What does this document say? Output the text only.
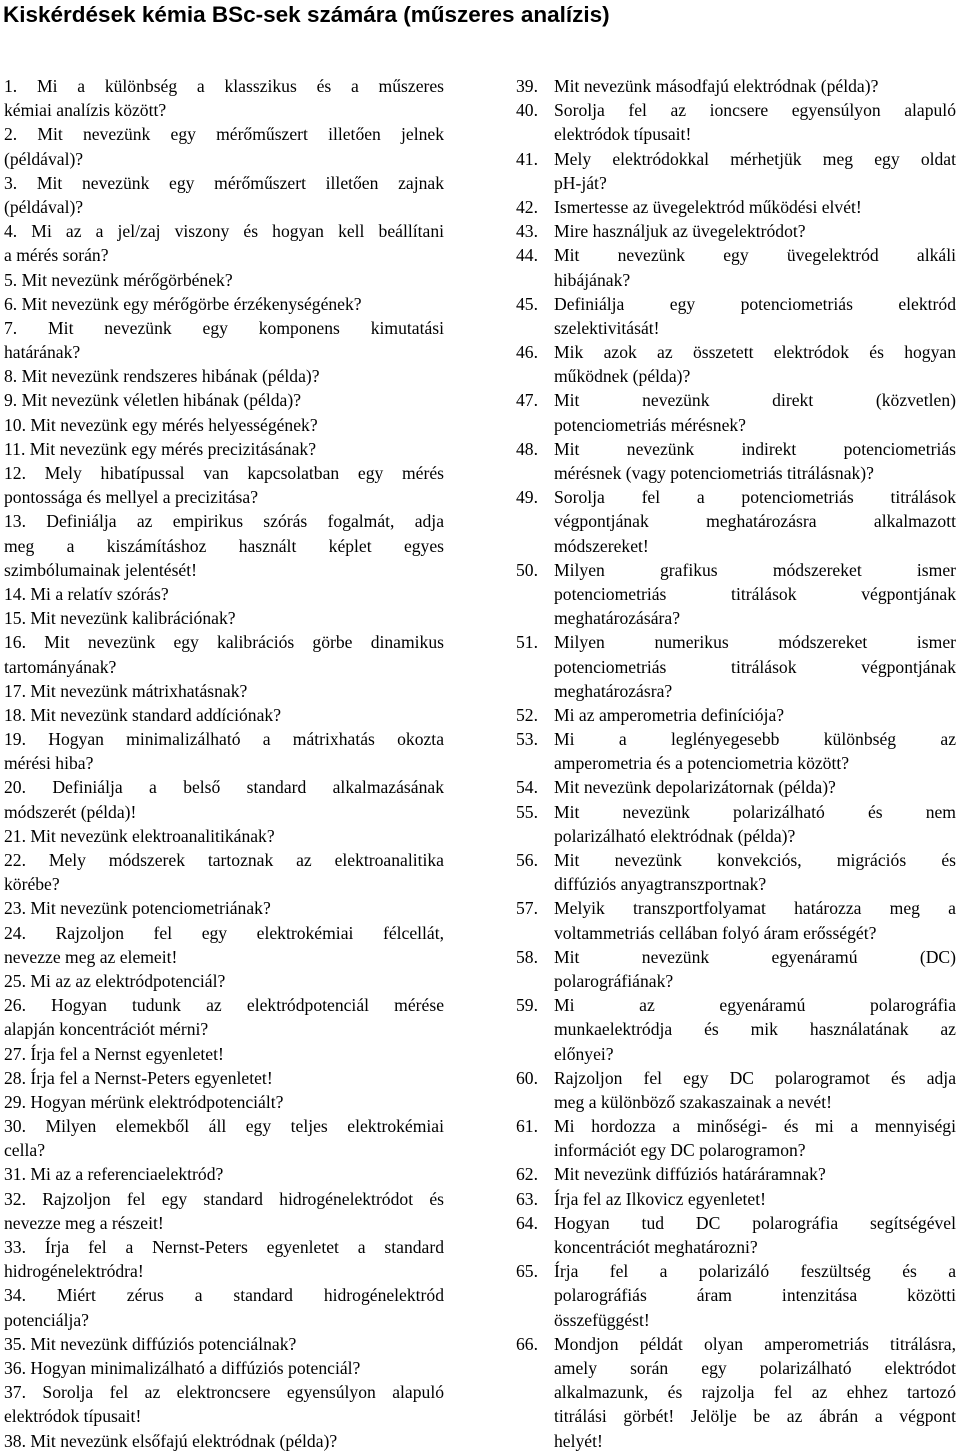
Kiskérdések kémia BSc-sek számára (műszeres analízis)
1. Mi a különbség a klasszikus és a műszeres
kémiai analízis között?
2. Mit nevezünk egy mérőműszert illetően jelnek
(példával)?
3. Mit nevezünk egy mérőműszert illetően zajnak
(példával)?
4. Mi az a jel/zaj viszony és hogyan kell beállítani
a mérés során?
5. Mit nevezünk mérőgörbének?
6. Mit nevezünk egy mérőgörbe érzékenységének?
7. Mit nevezünk egy komponens kimutatási
határának?
8. Mit nevezünk rendszeres hibának (példa)?
9. Mit nevezünk véletlen hibának (példa)?
10. Mit nevezünk egy mérés helyességének?
11. Mit nevezünk egy mérés precizitásának?
12. Mely hibatípussal van kapcsolatban egy mérés
pontossága és mellyel a precizitása?
13. Definiálja az empirikus szórás fogalmát, adja
meg a kiszámításhoz használt képlet egyes
szimbólumainak jelentését!
14. Mi a relatív szórás?
15. Mit nevezünk kalibrációnak?
16. Mit nevezünk egy kalibrációs görbe dinamikus
tartományának?
17. Mit nevezünk mátrixhatásnak?
18. Mit nevezünk standard addíciónak?
19. Hogyan minimalizálható a mátrixhatás okozta
mérési hiba?
20. Definiálja a belső standard alkalmazásának
módszerét (példa)!
21. Mit nevezünk elektroanalitikának?
22. Mely módszerek tartoznak az elektroanalitika
körébe?
23. Mit nevezünk potenciometriának?
24. Rajzoljon fel egy elektrokémiai félcellát,
nevezze meg az elemeit!
25. Mi az az elektródpotenciál?
26. Hogyan tudunk az elektródpotenciál mérése
alapján koncentrációt mérni?
27. Írja fel a Nernst egyenletet!
28. Írja fel a Nernst-Peters egyenletet!
29. Hogyan mérünk elektródpotenciált?
30. Milyen elemekből áll egy teljes elektrokémiai
cella?
31. Mi az a referenciaelektród?
32. Rajzoljon fel egy standard hidrogénelektródot és
nevezze meg a részeit!
33. Írja fel a Nernst-Peters egyenletet a standard
hidrogénelektródra!
34. Miért zérus a standard hidrogénelektród
potenciálja?
35. Mit nevezünk diffúziós potenciálnak?
36. Hogyan minimalizálható a diffúziós potenciál?
37. Sorolja fel az elektroncsere egyensúlyon alapuló
elektródok típusait!
38. Mit nevezünk elsőfajú elektródnak (példa)?
39. Mit nevezünk másodfajú elektródnak (példa)?
40. Sorolja fel az ioncsere egyensúlyon alapuló
elektródok típusait!
41. Mely elektródokkal mérhetjük meg egy oldat
pH-ját?
42. Ismertesse az üvegelektród működési elvét!
43. Mire használjuk az üvegelektródot?
44. Mit nevezünk egy üvegelektród alkáli
hibájának?
45. Definiálja egy potenciometriás elektród
szelektivitását!
46. Mik azok az összetett elektródok és hogyan
működnek (példa)?
47. Mit nevezünk direkt (közvetlen)
potenciometriás mérésnek?
48. Mit nevezünk indirekt potenciometriás
mérésnek (vagy potenciometriás titrálásnak)?
49. Sorolja fel a potenciometriás titrálások
végpontjának meghatározásra alkalmazott
módszereket!
50. Milyen grafikus módszereket ismer
potenciometriás titrálások végpontjának
meghatározására?
51. Milyen numerikus módszereket ismer
potenciometriás titrálások végpontjának
meghatározásra?
52. Mi az amperometria definíciója?
53. Mi a leglényegesebb különbség az
amperometria és a potenciometria között?
54. Mit nevezünk depolarizátornak (példa)?
55. Mit nevezünk polarizálható és nem
polarizálható elektródnak (példa)?
56. Mit nevezünk konvekciós, migrációs és
diffúziós anyagtranszportnak?
57. Melyik transzportfolyamat határozza meg a
voltammetriás cellában folyó áram erősségét?
58. Mit nevezünk egyenáramú (DC)
polarográfiának?
59. Mi az egyenáramú polarográfia
munkaelektródja és mik használatának az
előnyei?
60. Rajzoljon fel egy DC polarogramot és adja
meg a különböző szakaszainak a nevét!
61. Mi hordozza a minőségi- és mi a mennyiségi
információt egy DC polarogramon?
62. Mit nevezünk diffúziós határáramnak?
63. Írja fel az Ilkovicz egyenletet!
64. Hogyan tud DC polarográfia segítségével
koncentrációt meghatározni?
65. Írja fel a polarizáló feszültség és a
polarográfiás áram intenzitása közötti
összefüggést!
66. Mondjon példát olyan amperometriás titrálásra,
amely során egy polarizálható elektródot
alkalmazunk, és rajzolja fel az ehhez tartozó
titrálási görbét! Jelölje be az ábrán a végpont
helyét!
